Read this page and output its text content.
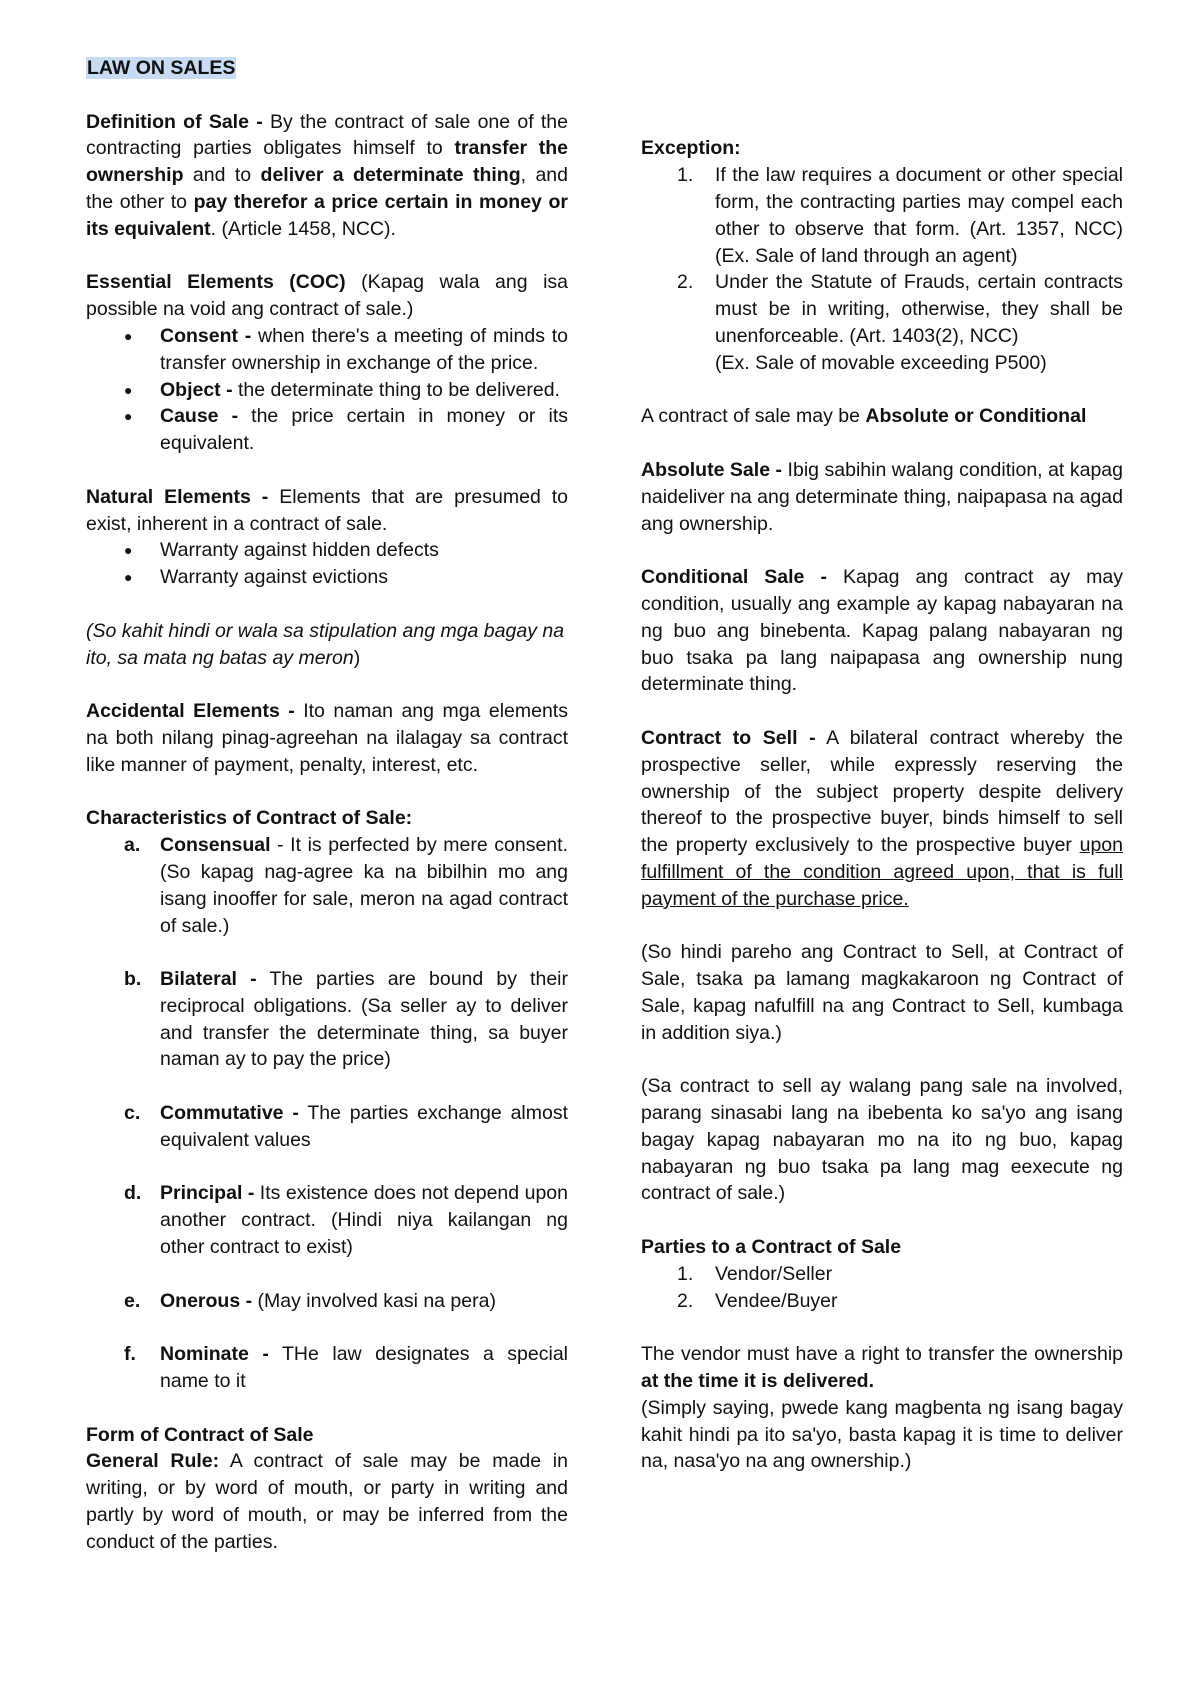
LAW ON SALES

Definition of Sale - By the contract of sale one of the contracting parties obligates himself to transfer the ownership and to deliver a determinate thing, and the other to pay therefor a price certain in money or its equivalent. (Article 1458, NCC).

Essential Elements (COC) (Kapag wala ang isa possible na void ang contract of sale.)

● Consent - when there's a meeting of minds to transfer ownership in exchange of the price.
● Object - the determinate thing to be delivered.
● Cause - the price certain in money or its equivalent.

Natural Elements - Elements that are presumed to exist, inherent in a contract of sale.

● Warranty against hidden defects
● Warranty against evictions

(So kahit hindi or wala sa stipulation ang mga bagay na ito, sa mata ng batas ay meron)

Accidental Elements - Ito naman ang mga elements na both nilang pinag-agreehan na ilalagay sa contract like manner of payment, penalty, interest, etc.

Characteristics of Contract of Sale:

a. Consensual - It is perfected by mere consent. (So kapag nag-agree ka na bibilhin mo ang isang inooffer for sale, meron na agad contract of sale.)
b. Bilateral - The parties are bound by their reciprocal obligations. (Sa seller ay to deliver and transfer the determinate thing, sa buyer naman ay to pay the price)
c. Commutative - The parties exchange almost equivalent values
d. Principal - Its existence does not depend upon another contract. (Hindi niya kailangan ng other contract to exist)
e. Onerous - (May involved kasi na pera)
f. Nominate - THe law designates a special name to it

Form of Contract of Sale

General Rule: A contract of sale may be made in writing, or by word of mouth, or party in writing and partly by word of mouth, or may be inferred from the conduct of the parties.

Exception:

1. If the law requires a document or other special form, the contracting parties may compel each other to observe that form. (Art. 1357, NCC) (Ex. Sale of land through an agent)
2. Under the Statute of Frauds, certain contracts must be in writing, otherwise, they shall be unenforceable. (Art. 1403(2), NCC)
(Ex. Sale of movable exceeding P500)

A contract of sale may be Absolute or Conditional

Absolute Sale - Ibig sabihin walang condition, at kapag naideliver na ang determinate thing, naipapasa na agad ang ownership.

Conditional Sale - Kapag ang contract ay may condition, usually ang example ay kapag nabayaran na ng buo ang binebenta. Kapag palang nabayaran ng buo tsaka pa lang naipapasa ang ownership nung determinate thing.

Contract to Sell - A bilateral contract whereby the prospective seller, while expressly reserving the ownership of the subject property despite delivery thereof to the prospective buyer, binds himself to sell the property exclusively to the prospective buyer upon fulfillment of the condition agreed upon, that is full payment of the purchase price.

(So hindi pareho ang Contract to Sell, at Contract of Sale, tsaka pa lamang magkakaroon ng Contract of Sale, kapag nafulfill na ang Contract to Sell, kumbaga in addition siya.)

(Sa contract to sell ay walang pang sale na involved, parang sinasabi lang na ibebenta ko sa'yo ang isang bagay kapag nabayaran mo na ito ng buo, kapag nabayaran ng buo tsaka pa lang mag eexecute ng contract of sale.)

Parties to a Contract of Sale

1. Vendor/Seller
2. Vendee/Buyer

The vendor must have a right to transfer the ownership at the time it is delivered.

(Simply saying, pwede kang magbenta ng isang bagay kahit hindi pa ito sa'yo, basta kapag it is time to deliver na, nasa'yo na ang ownership.)
